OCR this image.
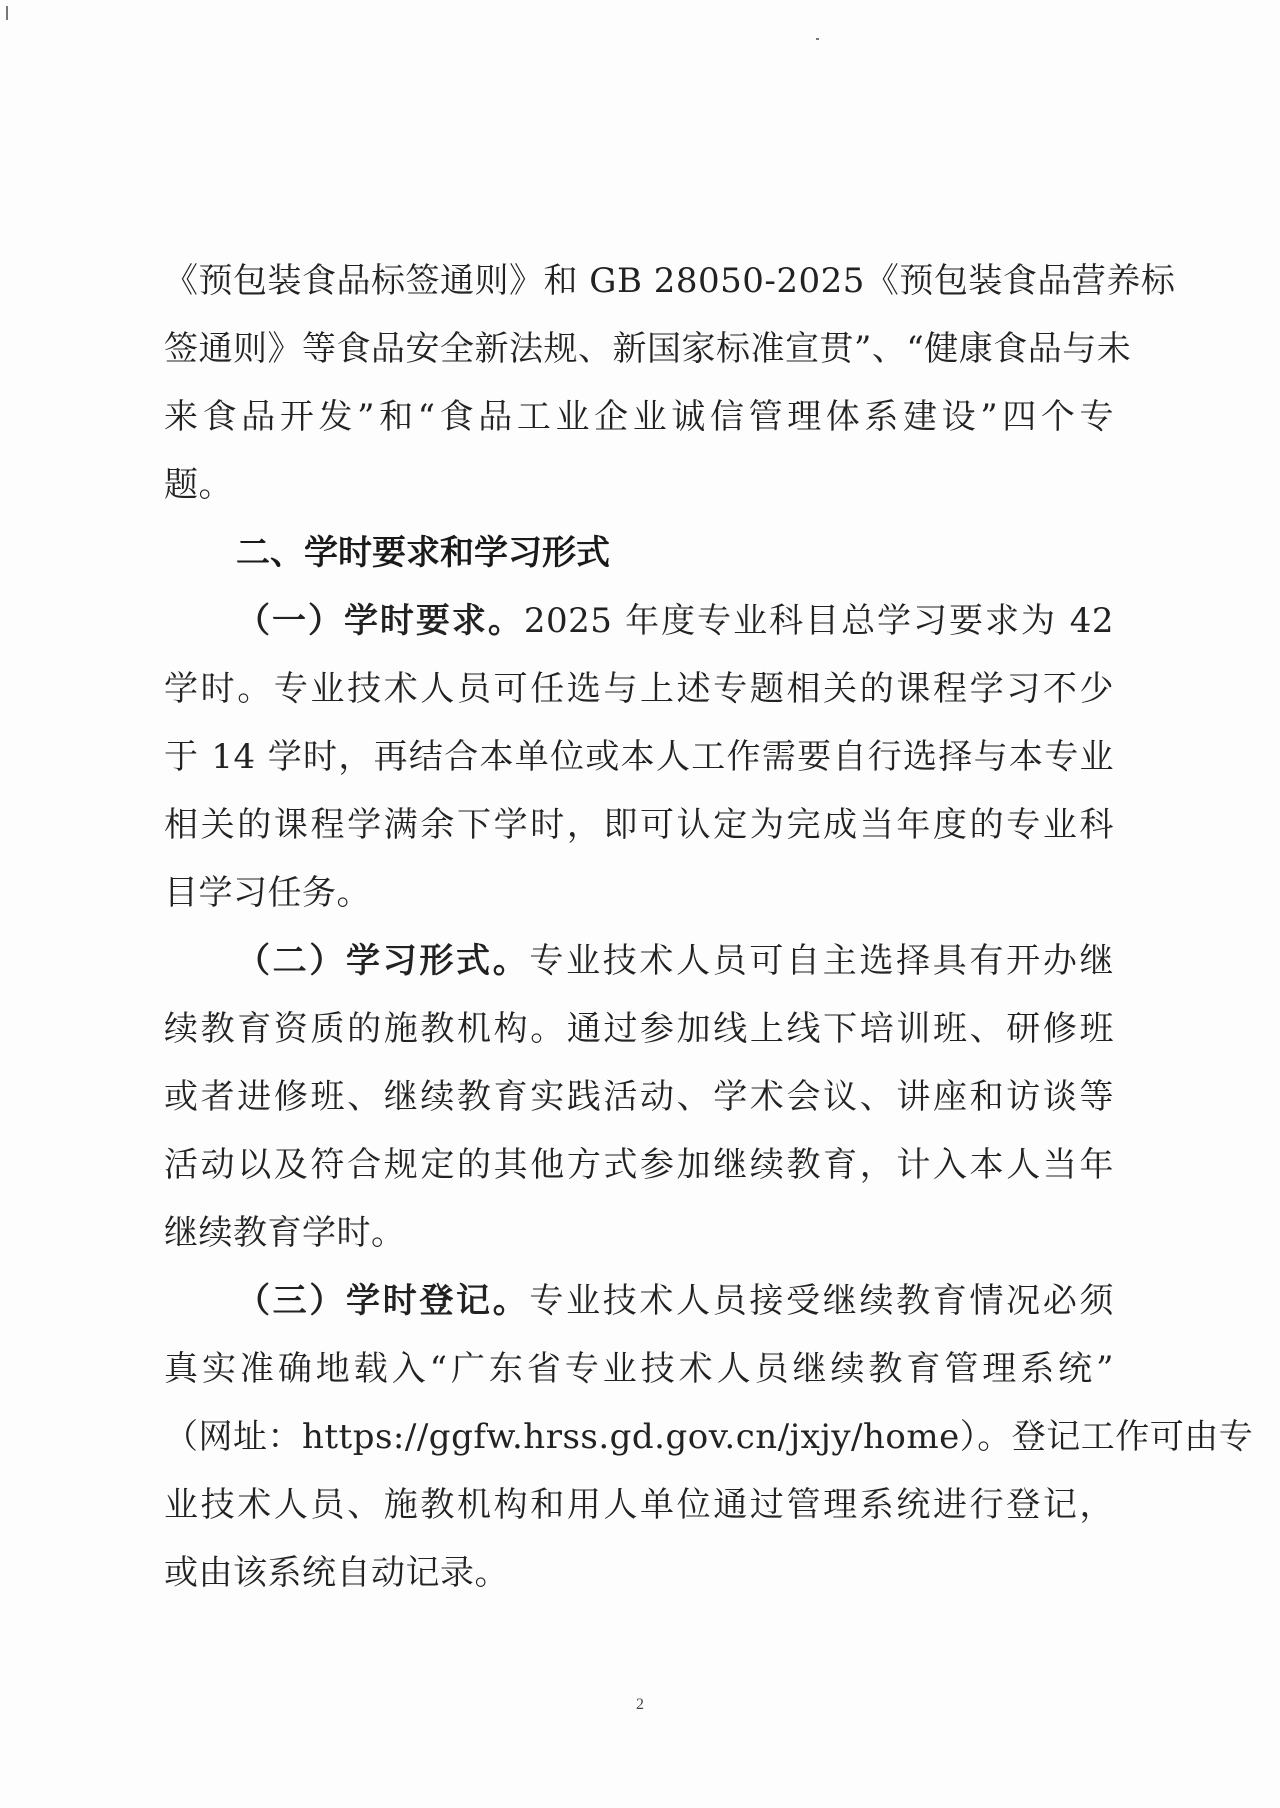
《预包装食品标签通则》和 GB 28050-2025《预包装食品营养标
签通则》等食品安全新法规、新国家标准宣贯”、“健康食品与未
来食品开发”和“食品工业企业诚信管理体系建设”四个专
题。
二、学时要求和学习形式
（一）学时要求。2025 年度专业科目总学习要求为 42
学时。专业技术人员可任选与上述专题相关的课程学习不少
于 14 学时，再结合本单位或本人工作需要自行选择与本专业
相关的课程学满余下学时，即可认定为完成当年度的专业科
目学习任务。
（二）学习形式。专业技术人员可自主选择具有开办继
续教育资质的施教机构。通过参加线上线下培训班、研修班
或者进修班、继续教育实践活动、学术会议、讲座和访谈等
活动以及符合规定的其他方式参加继续教育，计入本人当年
继续教育学时。
（三）学时登记。专业技术人员接受继续教育情况必须
真实准确地载入“广东省专业技术人员继续教育管理系统”
（网址：https://ggfw.hrss.gd.gov.cn/jxjy/home）。登记工作可由专
业技术人员、施教机构和用人单位通过管理系统进行登记，
或由该系统自动记录。
2
